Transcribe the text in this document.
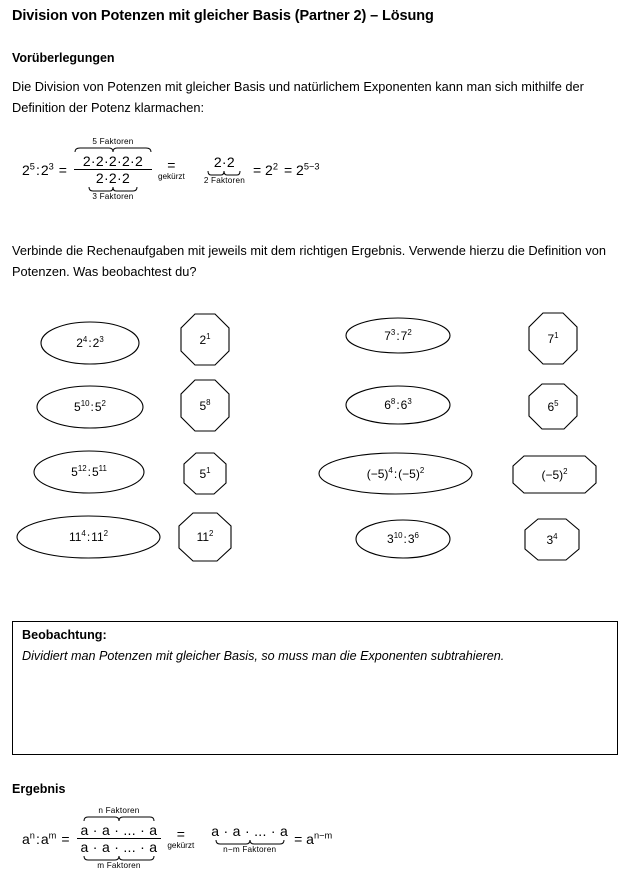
Division von Potenzen mit gleicher Basis (Partner 2) – Lösung
Vorüberlegungen
Die Division von Potenzen mit gleicher Basis und natürlichem Exponenten kann man sich mithilfe der Definition der Potenz klarmachen:
$2^5:2^3$ =
5 Faktoren
2·2·2·2·2
2·2·2
3 Faktoren
=
gekürzt
2·2
2 Faktoren
= $2^2 = 2^{5-3}$
Verbinde die Rechenaufgaben mit jeweils mit dem richtigen Ergebnis. Verwende hierzu die Definition von Potenzen. Was beobachtest du?
$2^4:2^3$
$5^{10}:5^2$
$5^{12}:5^{11}$
$11^4:11^2$
$2^1$
$5^8$
$5^1$
$11^2$
$7^3:7^2$
$6^8:6^3$
$(-5)^4:(-5)^2$
$3^{10}:3^6$
$7^1$
$6^5$
$(-5)^2$
$3^4$
Beobachtung:
Dividiert man Potenzen mit gleicher Basis, so muss man die Exponenten subtrahieren.
Ergebnis
$a^n:a^m$ =
n Faktoren
a · a · ... · a
a · a · ... · a
m Faktoren
=
gekürzt
a · a · ... · a
n−m Faktoren
= $a^{n-m}$
